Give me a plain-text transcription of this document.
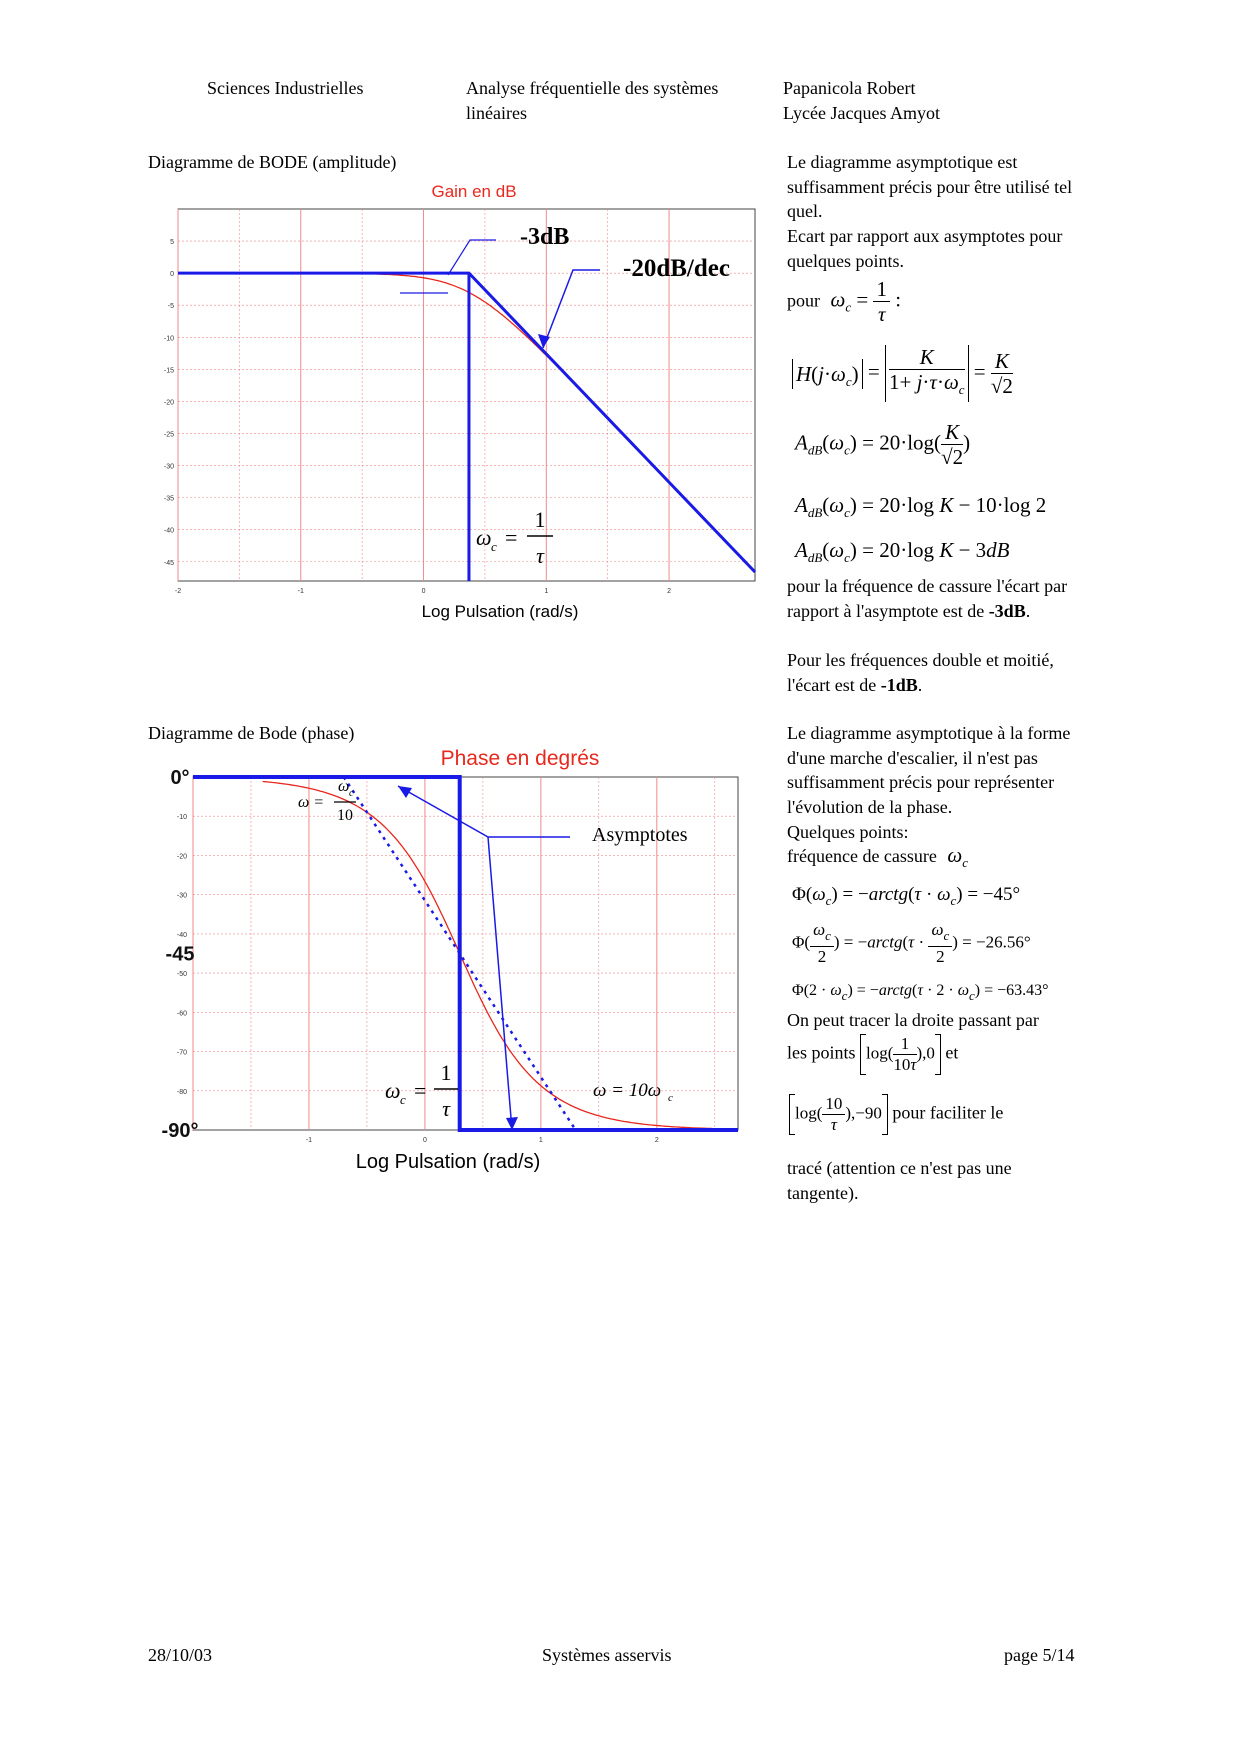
Sciences Industrielles	Analyse fréquentielle des systèmes
linéaires
Papanicola Robert
Lycée Jacques Amyot
Diagramme de BODE (amplitude)
Gain en dB
5
0
-5
-10
-15
-20
-25
-30
-35
-40
-45
-2	-1	0	1	2
-3dB
-20dB/dec
ω c =
1
τ
Log Pulsation (rad/s)
Le diagramme asymptotique est suffisamment précis pour être utilisé tel quel.
Ecart par rapport aux asymptotes pour quelques points.
pour  $\omega_c = \frac{1}{\tau}$ :
$H(j\cdot\omega_c) = \frac{K}{1+ j\cdot\tau\cdot\omega_c} = \frac{K}{√2}$
$A_{dB}(\omega_c) = 20\cdot\log( \frac{K}{√2}$ )
$A_{dB}(\omega_c) = 20\cdot\log$ K − 10·log 2
$A_{dB}(\omega_c) = 20\cdot\log$ K − 3dB
pour la fréquence de cassure l'écart par rapport à l'asymptote est de -3dB.
Pour les fréquences double et moitié, l'écart est de -1dB.
Diagramme de Bode (phase)
Phase en degrés
-10
-20
-30
-40
-50
-60
-70
-80
0°
-45
-90°	-1	0	1	2
Asymptotes
ω =
ω c
10
ω c =
1
τ
ω = 10ω c
Log Pulsation (rad/s)
Le diagramme asymptotique à la forme d'une marche d'escalier, il n'est pas suffisamment précis pour représenter l'évolution de la phase.
Quelques points:
fréquence de cassure $\omega_c$
$\Phi(\omega_c)$ = −arctg(τ · $\omega_c) = -45^\circ$
$\Phi( \frac{\omega_c}{2}$ ) = −arctg(τ · $\frac{\omega_c}{2}$ ) = −26.56°
$\Phi(2 \cdot \omega_c)$ = −arctg(τ · $2 \cdot \omega_c) = -63.43^\circ$
On peut tracer la droite passant par
les points $\log( \frac{1}{10\tau} ),0$ et
$\log( \frac{10}{\tau} ),-90$ pour faciliter le
tracé (attention ce n'est pas une tangente).
28/10/03	Systèmes asservis	page 5/14
